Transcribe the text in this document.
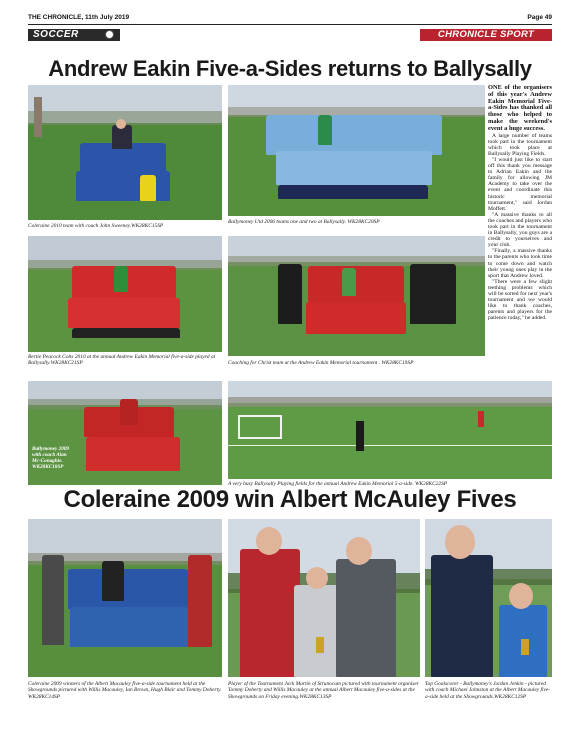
THE CHRONICLE, 11th July 2019	Page 49
SOCCER	CHRONICLE SPORT
Andrew Eakin Five-a-Sides returns to Ballysally
Coleraine 2010 team with coach John Sweeney.WK28KC15SP
Ballymoney Utd 2006 teams one and two at Ballysally. WK28KC20SP
Bertie Peacock Colts 2010 at the annual Andrew Eakin Memorial five-a-side played at Ballysally.WK28KC21SP	Coaching for Christ team at the Andrew Eakin Memorial tournament . WK28KC19SP

ONE of the organisers of this year's Andrew Eakin Memorial Five-a-Sides has thanked all those who helped to make the weekend's event a huge success.

A large number of teams took part in the tournament which took place at Ballysally Playing Fields.

"I would just like to start off this thank you message to Adrian Eakin and the family for allowing JM Academy to take over the event and coordinate this historic memorial tournament," said Jordan Moffett.

"A massive thanks to all the coaches and players who took part in the tournament in Ballysally, you guys are a credit to yourselves and your club.

"Finally, a massive thanks to the parents who took time to come down and watch their young ones play in the sport that Andrew loved.

"There were a few slight teething problems which will be sorted for next year's tournament and we would like to thank coaches, parents and players for the patience today," he added.

Ballymoney 2009 with coach Alan Mc-Conaghie. WK28KC18SP
A very busy Ballysally Playing fields for the annual Andrew Eakin Memorial 5-a-side. WK28KC22SP
Coleraine 2009 win Albert McAuley Fives
Coleraine 2009 winners of the Albert Macauley five-a-side tournament held at the Showgrounds pictured with Willis Macauley, Ian Brown, Hugh Blair and Tommy Doherty. WK28KC14SP
Player of the Tournament Jack Martin of Strunocum pictured with tournament organiser Tommy Doherty and Willis Macauley at the annual Albert Macauley five-a-sides at the Showgrounds on Friday evening.WK28KC13SP
Top Goalscorer - Ballymoney's Jordan Jenkin - pictured with coach Michael Johnston at the Albert Macauley five-a-side held at the Showgrounds.WK28KC12SP
